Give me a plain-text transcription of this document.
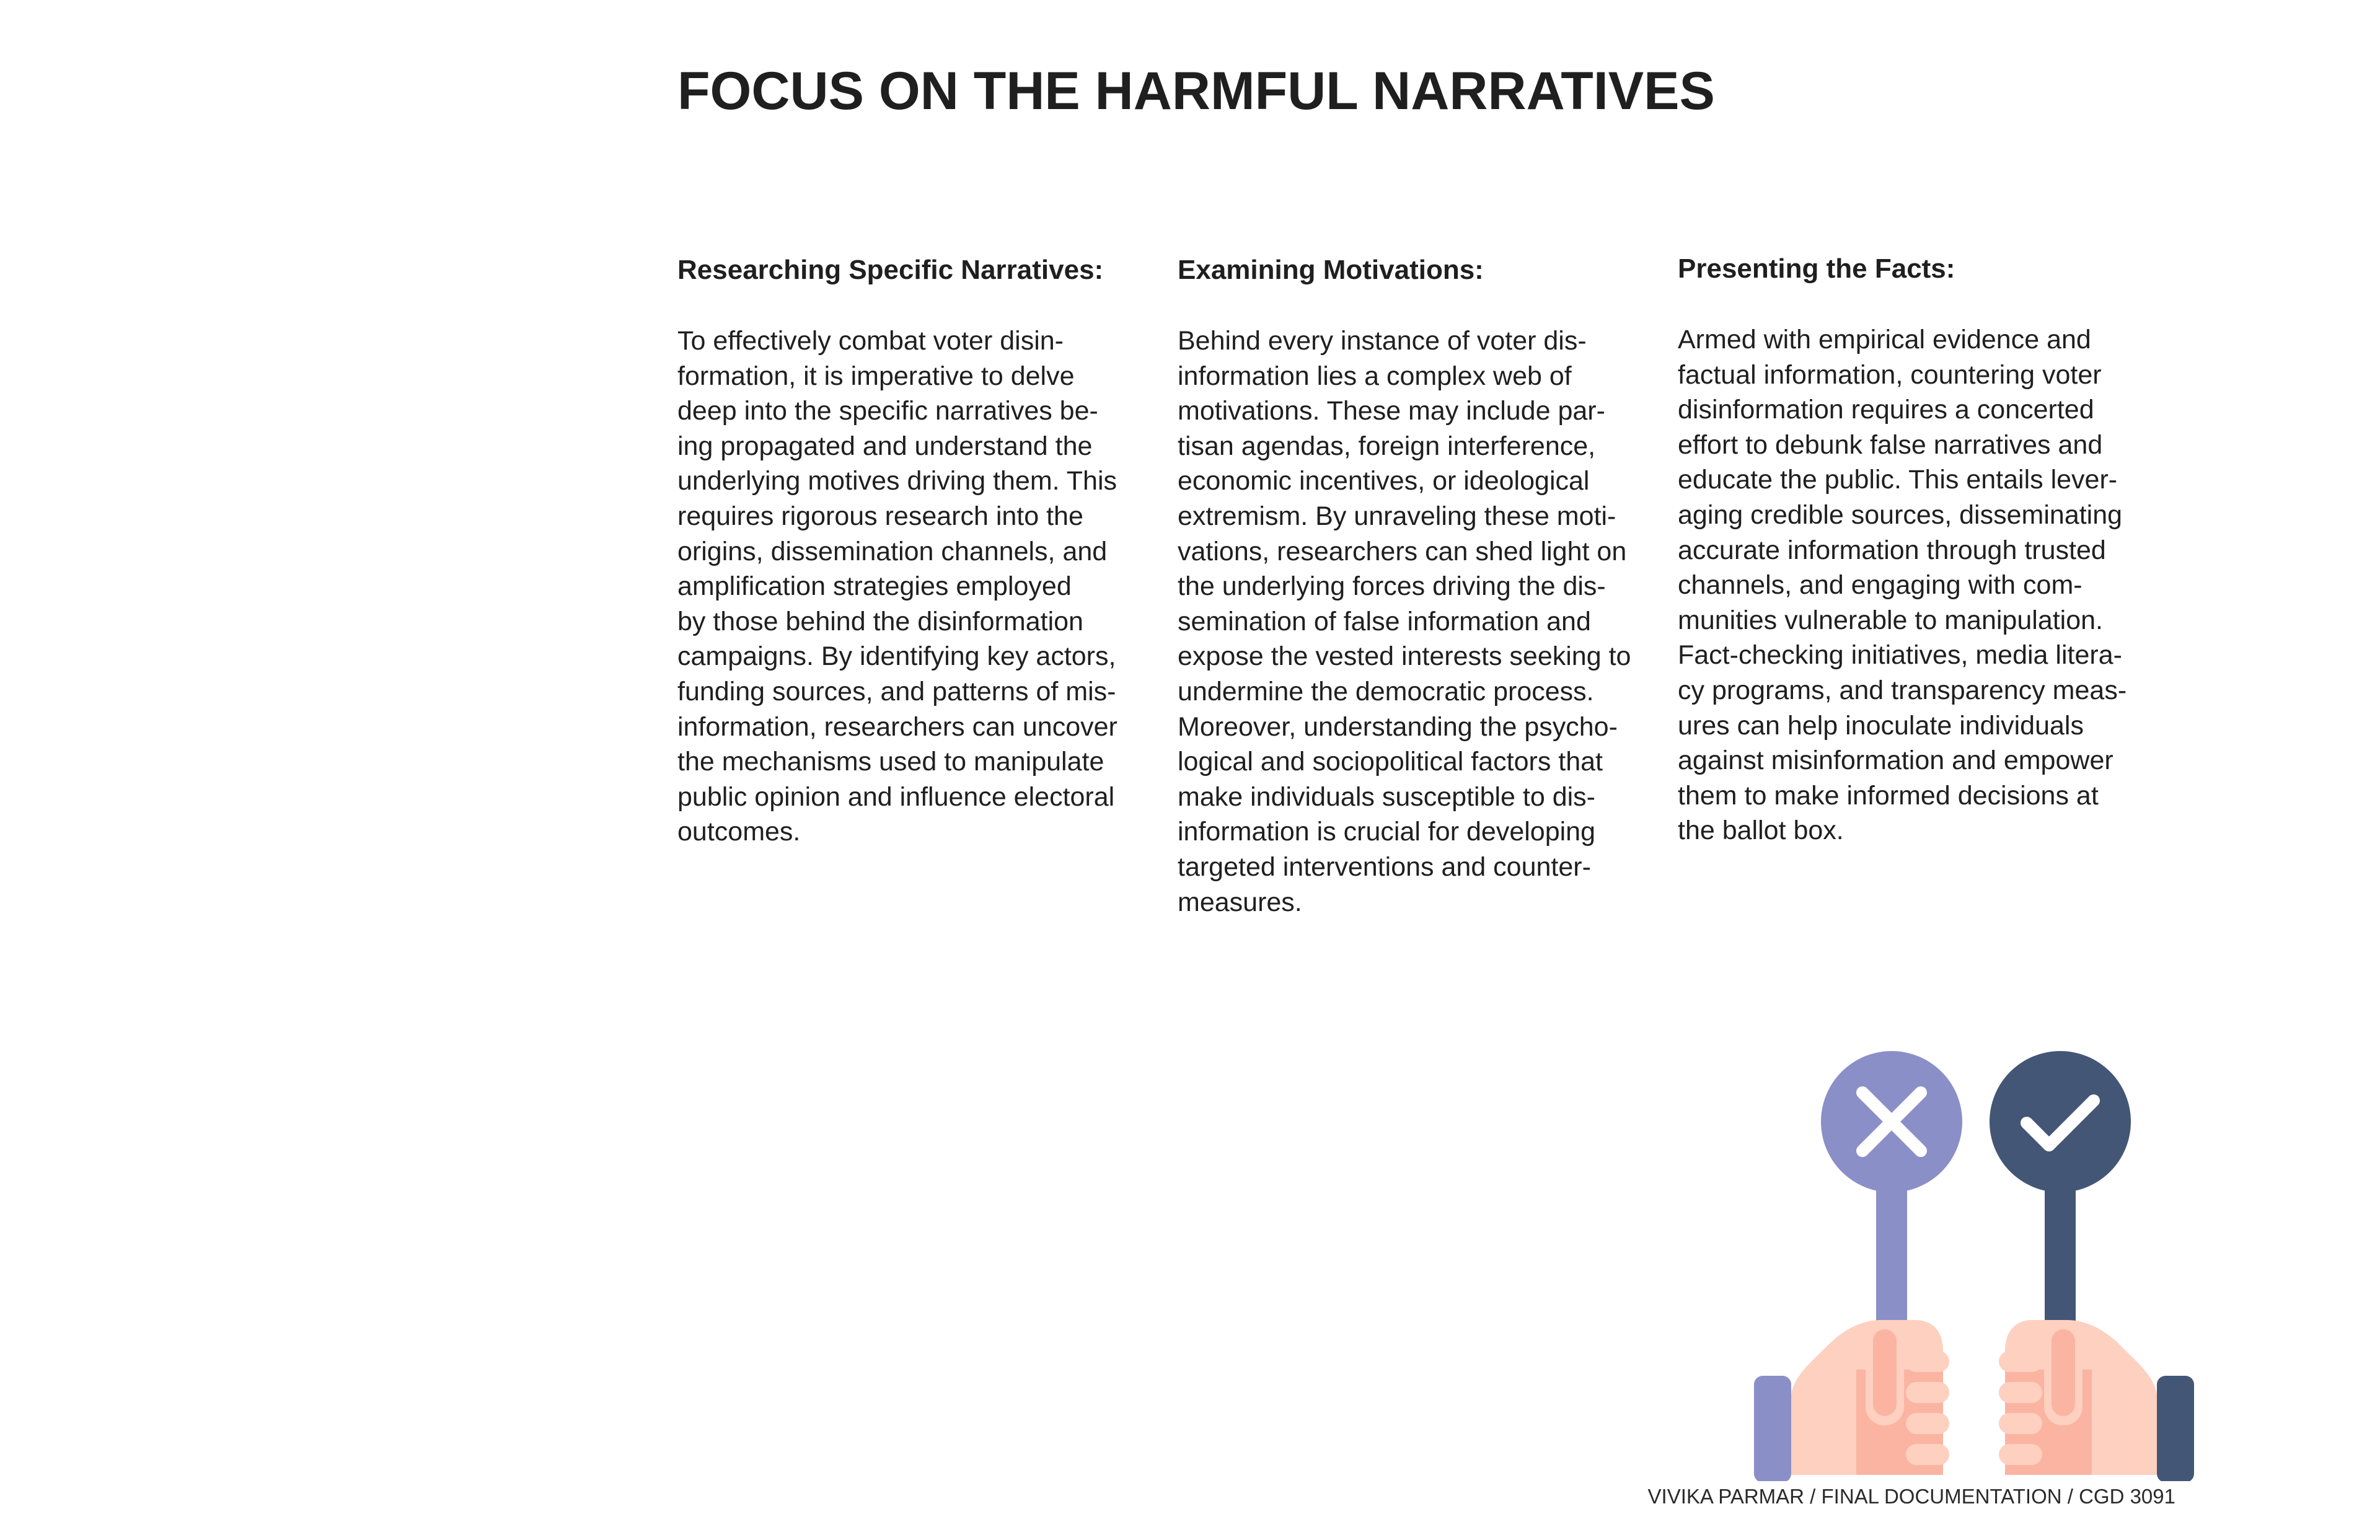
FOCUS ON THE HARMFUL NARRATIVES
Researching Specific Narratives:
To effectively combat voter disin-
formation, it is imperative to delve
deep into the specific narratives be-
ing propagated and understand the
underlying motives driving them. This
requires rigorous research into the
origins, dissemination channels, and
amplification strategies employed
by those behind the disinformation
campaigns. By identifying key actors,
funding sources, and patterns of mis-
information, researchers can uncover
the mechanisms used to manipulate
public opinion and influence electoral
outcomes.
Examining Motivations:
Behind every instance of voter dis-
information lies a complex web of
motivations. These may include par-
tisan agendas, foreign interference,
economic incentives, or ideological
extremism. By unraveling these moti-
vations, researchers can shed light on
the underlying forces driving the dis-
semination of false information and
expose the vested interests seeking to
undermine the democratic process.
Moreover, understanding the psycho-
logical and sociopolitical factors that
make individuals susceptible to dis-
information is crucial for developing
targeted interventions and counter-
measures.
Presenting the Facts:
Armed with empirical evidence and
factual information, countering voter
disinformation requires a concerted
effort to debunk false narratives and
educate the public. This entails lever-
aging credible sources, disseminating
accurate information through trusted
channels, and engaging with com-
munities vulnerable to manipulation.
Fact-checking initiatives, media litera-
cy programs, and transparency meas-
ures can help inoculate individuals
against misinformation and empower
them to make informed decisions at
the ballot box.
VIVIKA PARMAR / FINAL DOCUMENTATION / CGD 3091
